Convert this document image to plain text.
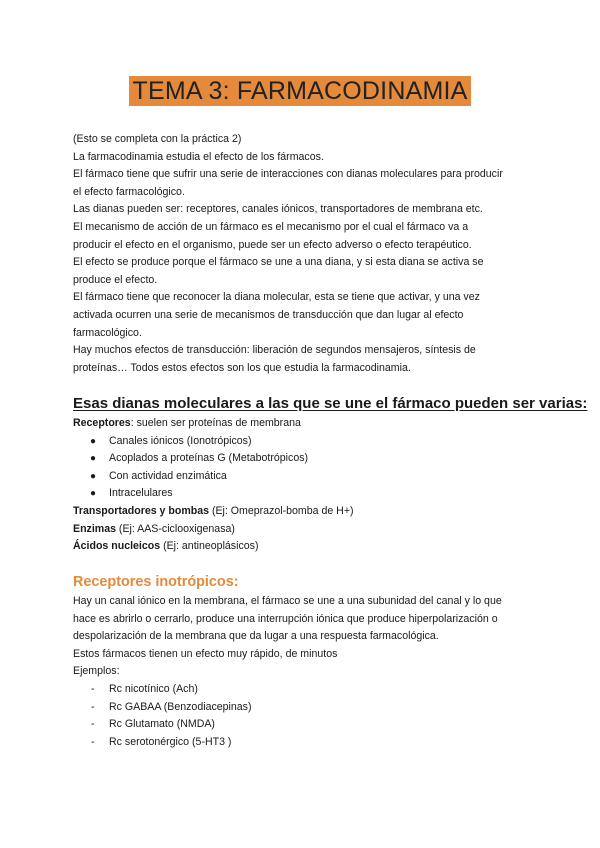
TEMA 3: FARMACODINAMIA

(Esto se completa con la práctica 2)

La farmacodinamia estudia el efecto de los fármacos.

El fármaco tiene que sufrir una serie de interacciones con dianas moleculares para producir

el efecto farmacológico.

Las dianas pueden ser: receptores, canales iónicos, transportadores de membrana etc.

El mecanismo de acción de un fármaco es el mecanismo por el cual el fármaco va a

producir el efecto en el organismo, puede ser un efecto adverso o efecto terapéutico.

El efecto se produce porque el fármaco se une a una diana, y si esta diana se activa se

produce el efecto.

El fármaco tiene que reconocer la diana molecular, esta se tiene que activar, y una vez

activada ocurren una serie de mecanismos de transducción que dan lugar al efecto

farmacológico.

Hay muchos efectos de transducción: liberación de segundos mensajeros, síntesis de

proteínas… Todos estos efectos son los que estudia la farmacodinamia.

Esas dianas moleculares a las que se une el fármaco pueden ser varias:

Receptores: suelen ser proteínas de membrana

● Canales iónicos (Ionotrópicos)

● Acoplados a proteínas G (Metabotrópicos)

● Con actividad enzimática

● Intracelulares

Transportadores y bombas (Ej: Omeprazol-bomba de H+)

Enzimas (Ej: AAS-ciclooxigenasa)

Ácidos nucleicos (Ej: antineoplásicos)

Receptores inotrópicos:

Hay un canal iónico en la membrana, el fármaco se une a una subunidad del canal y lo que

hace es abrirlo o cerrarlo, produce una interrupción iónica que produce hiperpolarización o

despolarización de la membrana que da lugar a una respuesta farmacológica.

Estos fármacos tienen un efecto muy rápido, de minutos

Ejemplos:

- Rc nicotínico (Ach)

- Rc GABAA (Benzodiacepinas)

- Rc Glutamato (NMDA)

- Rc serotonérgico (5-HT3 )
